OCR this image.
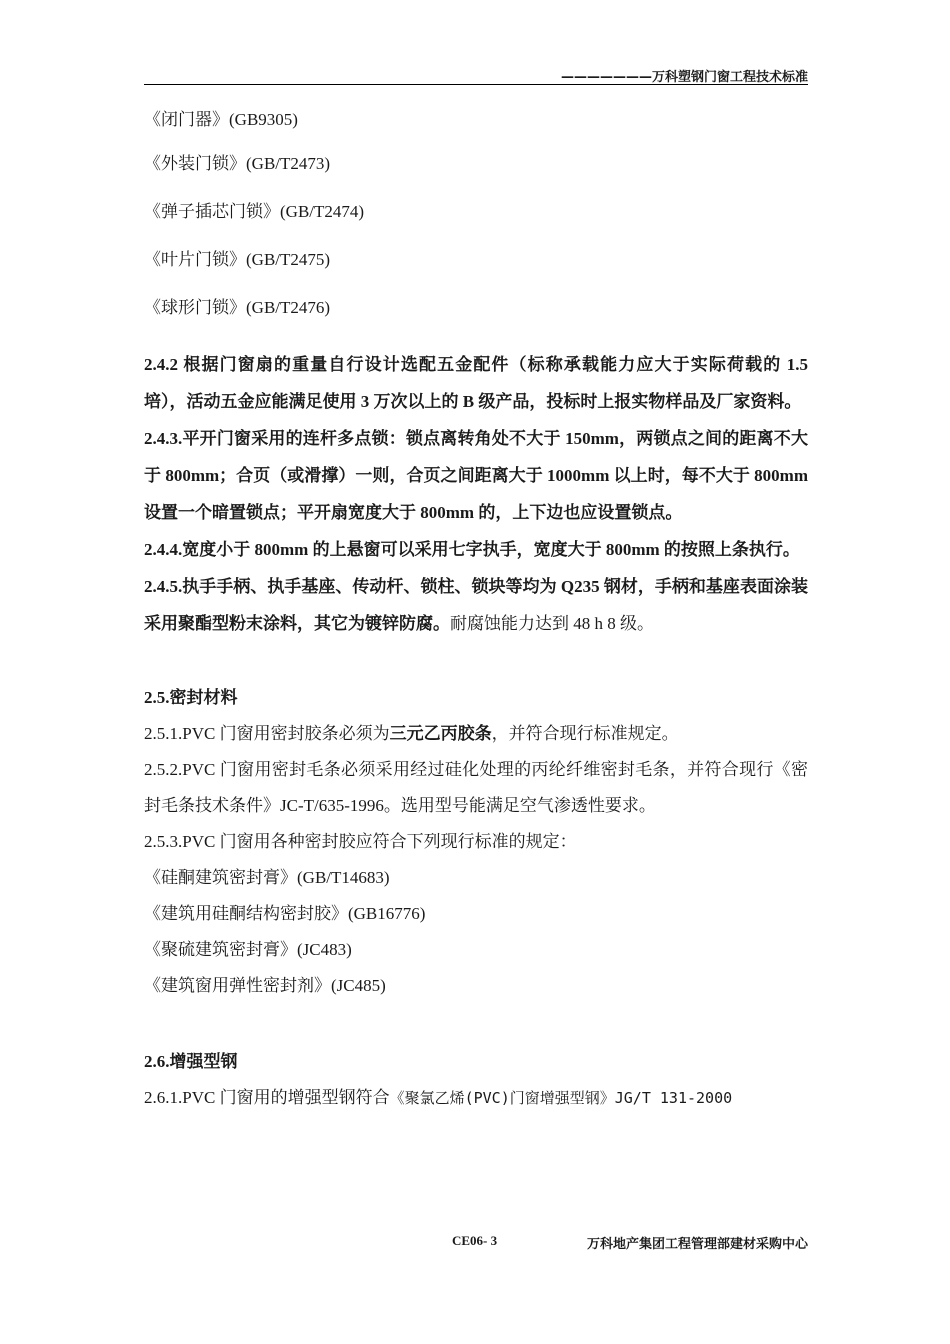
———————万科塑钢门窗工程技术标准
《闭门器》(GB9305)
《外装门锁》(GB/T2473)
《弹子插芯门锁》(GB/T2474)
《叶片门锁》(GB/T2475)
《球形门锁》(GB/T2476)
2.4.2 根据门窗扇的重量自行设计选配五金配件（标称承载能力应大于实际荷载的 1.5 培），活动五金应能满足使用 3 万次以上的 B 级产品，投标时上报实物样品及厂家资料。
2.4.3.平开门窗采用的连杆多点锁：锁点离转角处不大于 150mm，两锁点之间的距离不大于 800mm；合页（或滑撑）一则，合页之间距离大于 1000mm 以上时，每不大于 800mm 设置一个暗置锁点；平开扇宽度大于 800mm 的，上下边也应设置锁点。
2.4.4.宽度小于 800mm 的上悬窗可以采用七字执手，宽度大于 800mm 的按照上条执行。
2.4.5.执手手柄、执手基座、传动杆、锁柱、锁块等均为 Q235 钢材，手柄和基座表面涂装采用聚酯型粉末涂料，其它为镀锌防腐。耐腐蚀能力达到 48 h 8 级。
2.5.密封材料
2.5.1.PVC 门窗用密封胶条必须为三元乙丙胶条，并符合现行标准规定。
2.5.2.PVC 门窗用密封毛条必须采用经过硅化处理的丙纶纤维密封毛条，并符合现行《密封毛条技术条件》JC-T/635-1996。选用型号能满足空气渗透性要求。
2.5.3.PVC 门窗用各种密封胶应符合下列现行标准的规定：
《硅酮建筑密封膏》(GB/T14683)
《建筑用硅酮结构密封胶》(GB16776)
《聚硫建筑密封膏》(JC483)
《建筑窗用弹性密封剂》(JC485)
2.6.增强型钢
2.6.1.PVC 门窗用的增强型钢符合《聚氯乙烯(PVC)门窗增强型钢》JG/T 131-2000
CE06- 3	万科地产集团工程管理部建材采购中心
